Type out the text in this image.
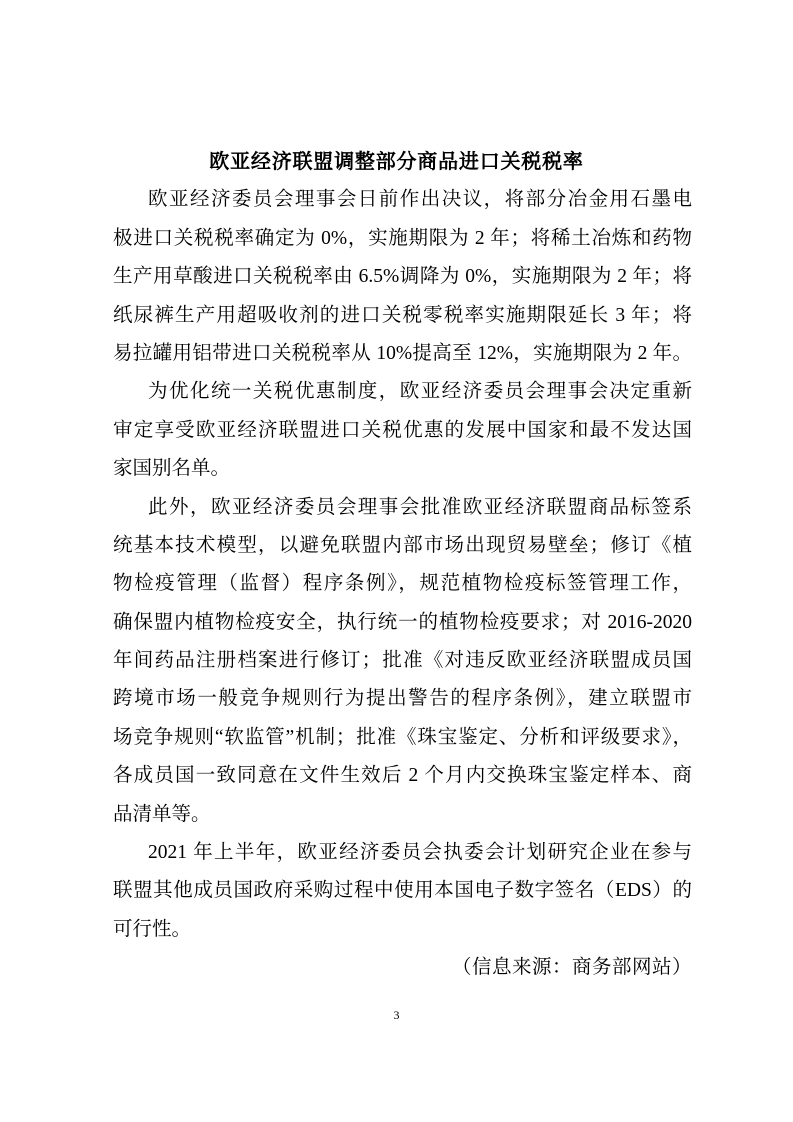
欧亚经济联盟调整部分商品进口关税税率
欧亚经济委员会理事会日前作出决议，将部分冶金用石墨电
极进口关税税率确定为 0%，实施期限为 2 年；将稀土冶炼和药物
生产用草酸进口关税税率由 6.5%调降为 0%，实施期限为 2 年；将
纸尿裤生产用超吸收剂的进口关税零税率实施期限延长 3 年；将
易拉罐用铝带进口关税税率从 10%提高至 12%，实施期限为 2 年。
为优化统一关税优惠制度，欧亚经济委员会理事会决定重新
审定享受欧亚经济联盟进口关税优惠的发展中国家和最不发达国
家国别名单。
此外，欧亚经济委员会理事会批准欧亚经济联盟商品标签系
统基本技术模型，以避免联盟内部市场出现贸易壁垒；修订《植
物检疫管理（监督）程序条例》，规范植物检疫标签管理工作，
确保盟内植物检疫安全，执行统一的植物检疫要求；对 2016-2020
年间药品注册档案进行修订；批准《对违反欧亚经济联盟成员国
跨境市场一般竞争规则行为提出警告的程序条例》，建立联盟市
场竞争规则“软监管”机制；批准《珠宝鉴定、分析和评级要求》，
各成员国一致同意在文件生效后 2 个月内交换珠宝鉴定样本、商
品清单等。
2021 年上半年，欧亚经济委员会执委会计划研究企业在参与
联盟其他成员国政府采购过程中使用本国电子数字签名（EDS）的
可行性。
（信息来源：商务部网站）
3
